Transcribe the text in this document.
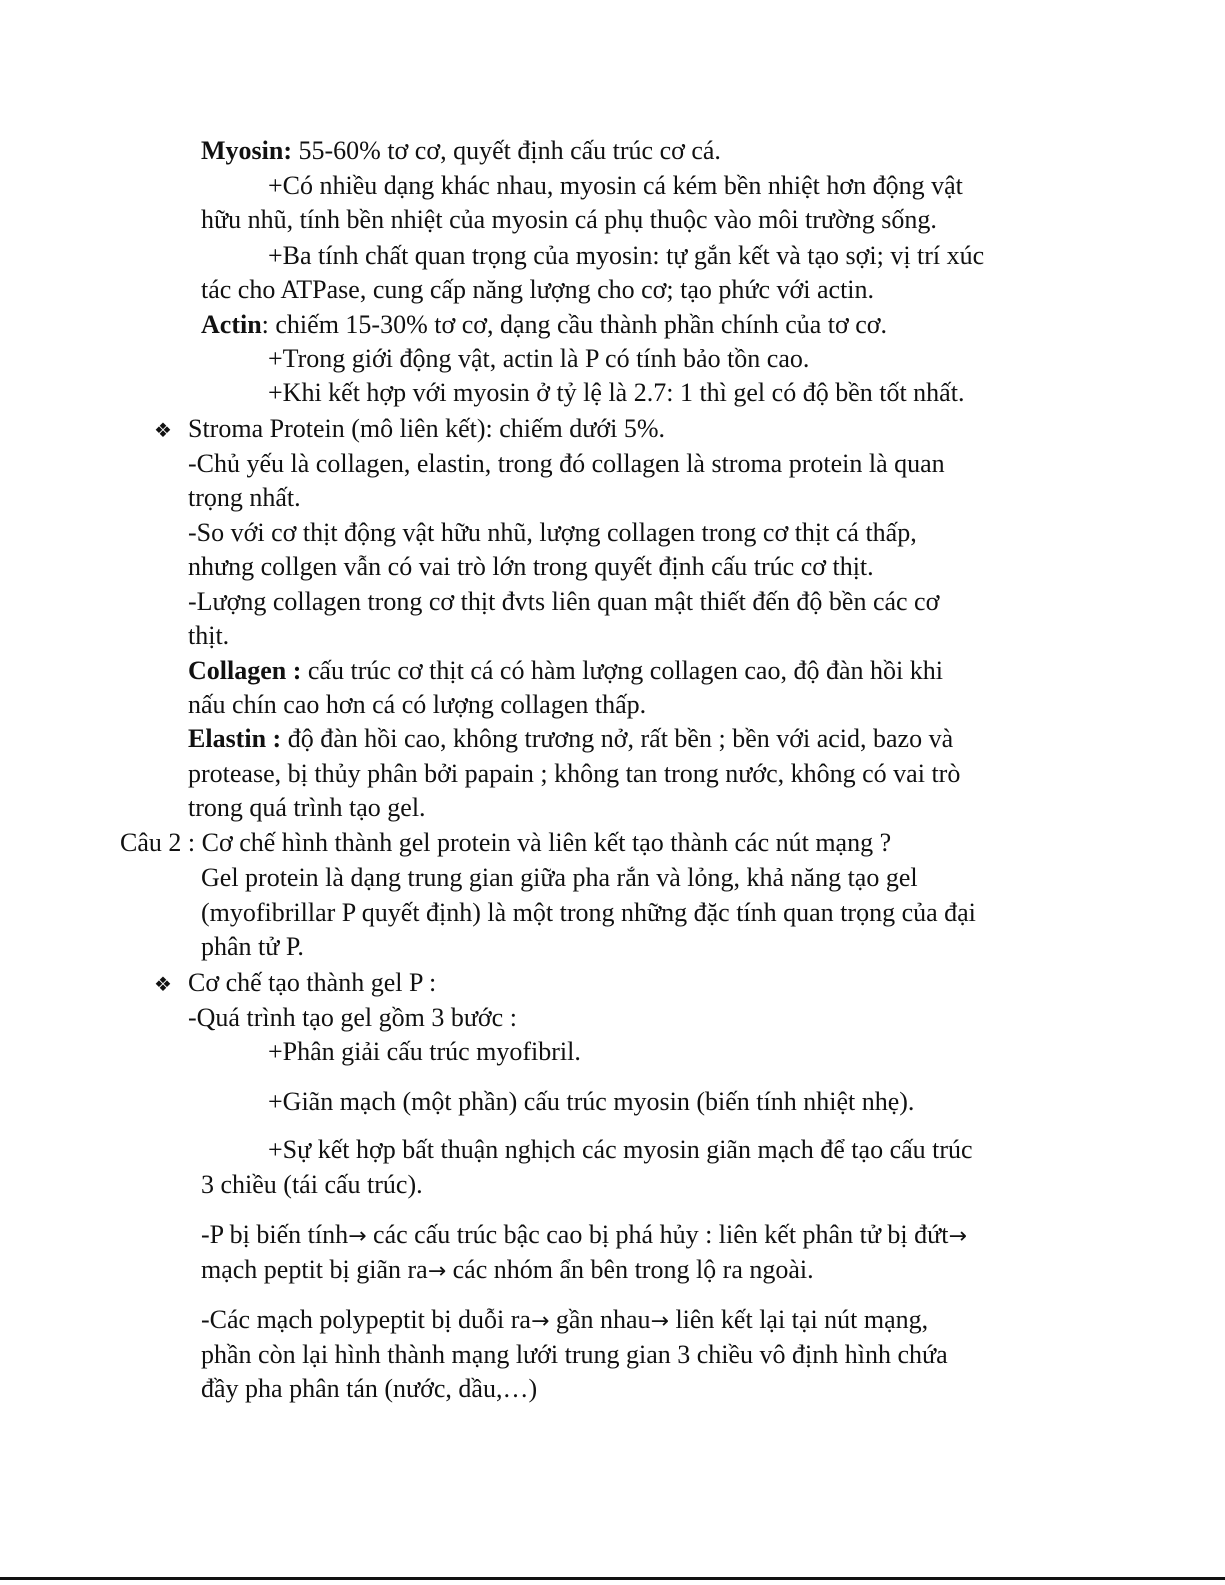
Myosin: 55-60% tơ cơ, quyết định cấu trúc cơ cá.
+Có nhiều dạng khác nhau, myosin cá kém bền nhiệt hơn động vật
hữu nhũ, tính bền nhiệt của myosin cá phụ thuộc vào môi trường sống.
+Ba tính chất quan trọng của myosin: tự gắn kết và tạo sợi; vị trí xúc
tác cho ATPase, cung cấp năng lượng cho cơ; tạo phức với actin.
Actin: chiếm 15-30% tơ cơ, dạng cầu thành phần chính của tơ cơ.
+Trong giới động vật, actin là P có tính bảo tồn cao.
+Khi kết hợp với myosin ở tỷ lệ là 2.7: 1 thì gel có độ bền tốt nhất.
❖ Stroma Protein (mô liên kết): chiếm dưới 5%.
-Chủ yếu là collagen, elastin, trong đó collagen là stroma protein là quan
trọng nhất.
-So với cơ thịt động vật hữu nhũ, lượng collagen trong cơ thịt cá thấp,
nhưng collgen vẫn có vai trò lớn trong quyết định cấu trúc cơ thịt.
-Lượng collagen trong cơ thịt đvts liên quan mật thiết đến độ bền các cơ
thịt.
Collagen : cấu trúc cơ thịt cá có hàm lượng collagen cao, độ đàn hồi khi
nấu chín cao hơn cá có lượng collagen thấp.
Elastin : độ đàn hồi cao, không trương nở, rất bền ; bền với acid, bazo và
protease, bị thủy phân bởi papain ; không tan trong nước, không có vai trò
trong quá trình tạo gel.
Câu 2 : Cơ chế hình thành gel protein và liên kết tạo thành các nút mạng ?
Gel protein là dạng trung gian giữa pha rắn và lỏng, khả năng tạo gel
(myofibrillar P quyết định) là một trong những đặc tính quan trọng của đại
phân tử P.
❖ Cơ chế tạo thành gel P :
-Quá trình tạo gel gồm 3 bước :
+Phân giải cấu trúc myofibril.
+Giãn mạch (một phần) cấu trúc myosin (biến tính nhiệt nhẹ).
+Sự kết hợp bất thuận nghịch các myosin giãn mạch để tạo cấu trúc
3 chiều (tái cấu trúc).
-P bị biến tính→ các cấu trúc bậc cao bị phá hủy : liên kết phân tử bị đứt→
mạch peptit bị giãn ra→ các nhóm ẩn bên trong lộ ra ngoài.
-Các mạch polypeptit bị duỗi ra→ gần nhau→ liên kết lại tại nút mạng,
phần còn lại hình thành mạng lưới trung gian 3 chiều vô định hình chứa
đầy pha phân tán (nước, dầu,…)
